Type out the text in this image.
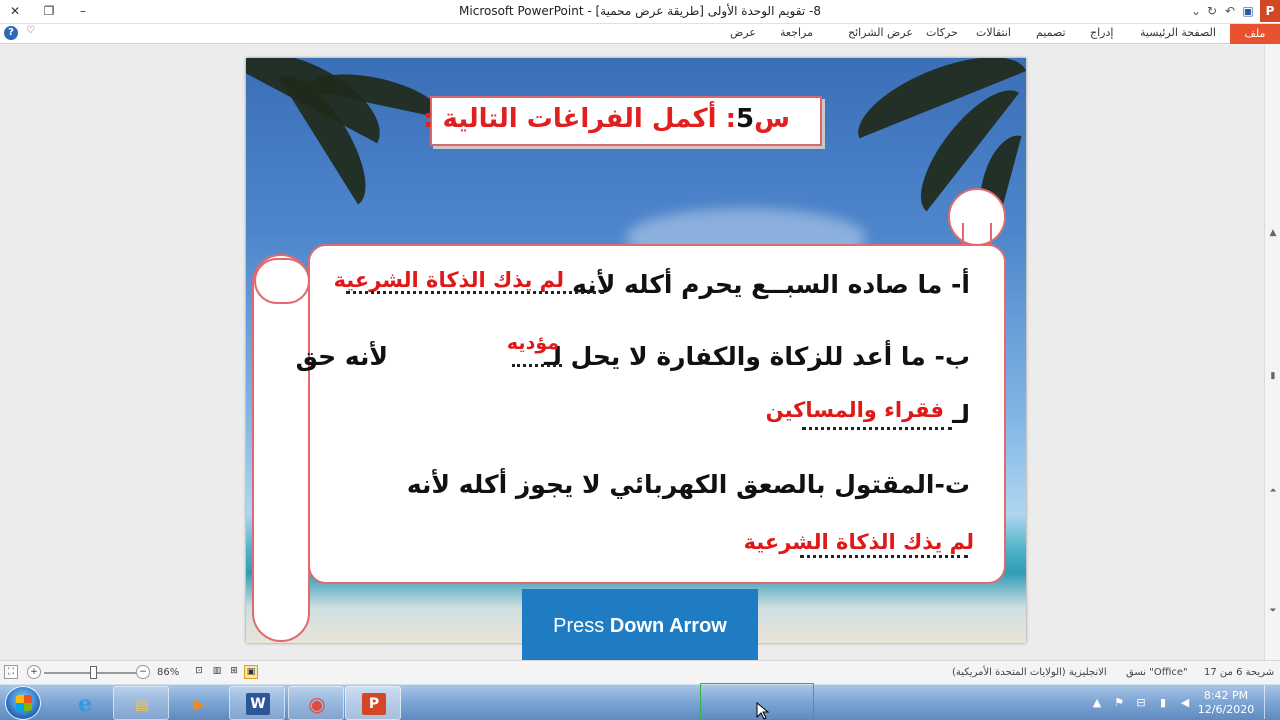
✕	❐	–	8- تقويم الوحدة الأولى [طريقة عرض محمية] - Microsoft PowerPoint	⌄ ↻ ↶ ▣ P
?	♡	عرض مراجعة	عرض الشرائح حركات انتقالات تصميم إدراج الصفحة الرئيسية	ملف
▲
▮
⏶
⏷
س5: أكمل الفراغات التالية :
أ- ما صاده السبــع يحرم أكله لأنه
لم يذك الذكاة الشرعية
ب- ما أعد للزكاة والكفارة لا يحل لـ
مؤديه
لأنه حق
لـ
فقراء والمساكين
ت-المقتول بالصعق الكهربائي لا يجوز أكله لأنه
لم يذك الذكاة الشرعية
Press Down Arrow
⛶	+	−	86%	⊡	▥ ⊞ ▣	الانجليزية (الولايات المتحدة الأمريكية) "Office" نسق شريحة 6 من 17
e	▤	▶	W ◉	P	▲ ⚑ ⊟	▮	◀
8:42 PM
12/6/2020
